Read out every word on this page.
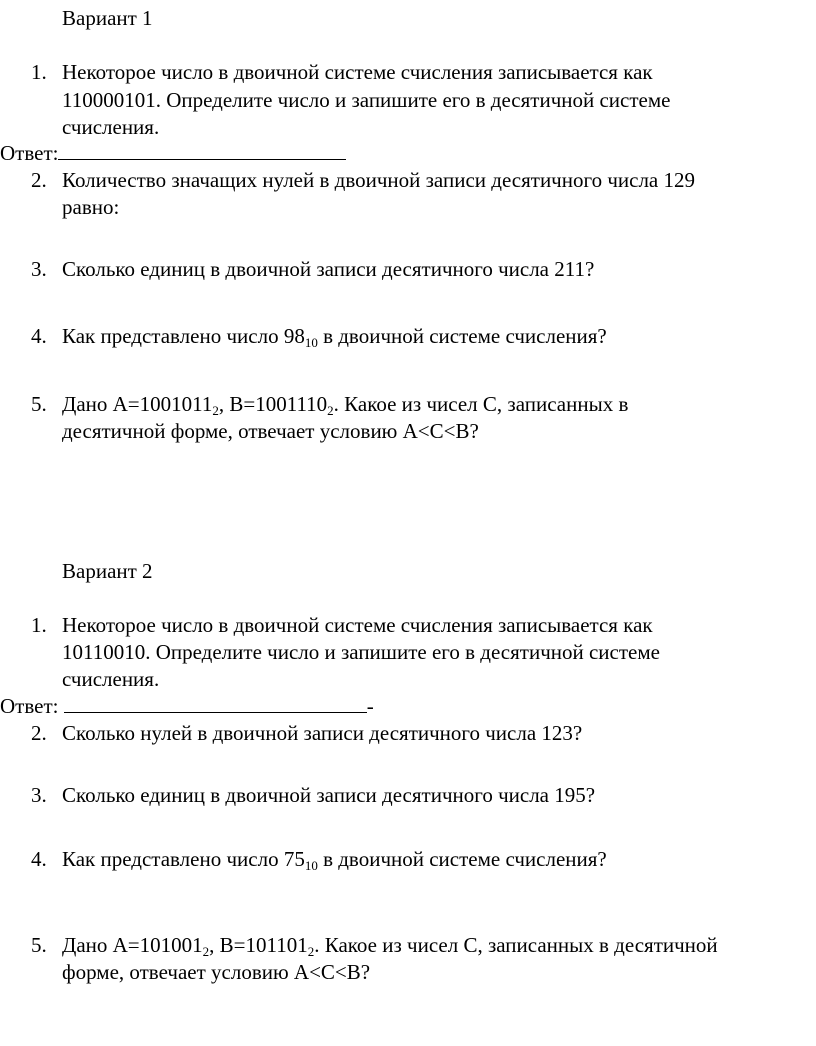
Вариант 1
1. Некоторое число в двоичной системе счисления записывается как
110000101. Определите число и запишите его в десятичной системе
счисления.
Ответ:
2. Количество значащих нулей в двоичной записи десятичного числа 129
равно:
3. Сколько единиц в двоичной записи десятичного числа 211?
4. Как представлено число $98_{10}$ в двоичной системе счисления?
5. Дано $A=1001011_2$, $B=1001110_2$. Какое из чисел C, записанных в
десятичной форме, отвечает условию A<C<B?
Вариант 2
1. Некоторое число в двоичной системе счисления записывается как
10110010. Определите число и запишите его в десятичной системе
счисления.
Ответ:	-
2. Сколько нулей в двоичной записи десятичного числа 123?
3. Сколько единиц в двоичной записи десятичного числа 195?
4. Как представлено число $75_{10}$ в двоичной системе счисления?
5. Дано $A=101001_2$, $B=101101_2$. Какое из чисел C, записанных в десятичной
форме, отвечает условию A<C<B?
